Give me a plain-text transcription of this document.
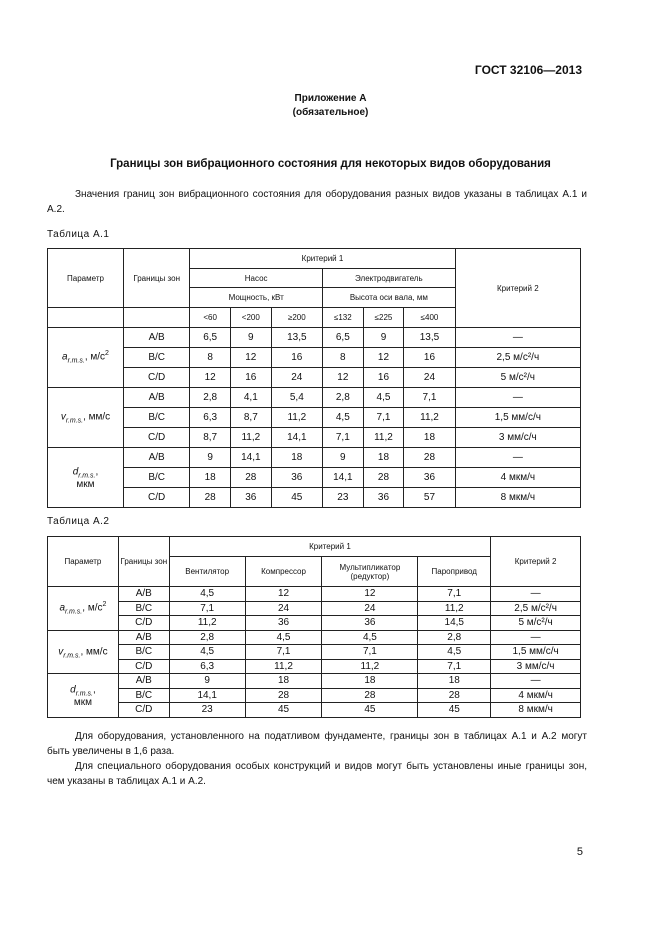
ГОСТ 32106—2013
Приложение А
(обязательное)
Границы зон вибрационного состояния для некоторых видов оборудования
Значения границ зон вибрационного состояния для оборудования разных видов указаны в таблицах А.1 и А.2.
Таблица А.1
Параметр	Границы зон	Критерий 1						Критерий 2
		Насос			Электродвигатель			
		Мощность, кВт			Высота оси вала, мм			
		<60	<200	≥200	≤132	≤225	≤400	
$a_{r.m.s.}$, $м/с^2$	A/B	6,5	9	13,5	6,5	9	13,5	—
	B/C	8	12	16	8	12	16	2,5 м/с²/ч
	C/D	12	16	24	12	16	24	5 м/с²/ч
$v_{r.m.s.}$, мм/с	A/B	2,8	4,1	5,4	2,8	4,5	7,1	—
	B/C	6,3	8,7	11,2	4,5	7,1	11,2	1,5 мм/с/ч
	C/D	8,7	11,2	14,1	7,1	11,2	18	3 мм/с/ч
$d_{r.m.s.}$,
мкм	A/B	9	14,1	18	9	18	28	—
	B/C	18	28	36	14,1	28	36	4 мкм/ч
	C/D	28	36	45	23	36	57	8 мкм/ч
Таблица А.2
Параметр	Границы зон	Критерий 1				Критерий 2
		Вентилятор	Компрессор	Мультипликатор (редуктор)	Паропривод	
$a_{r.m.s.}$, $м/с^2$	A/B	4,5	12	12	7,1	—
	B/C	7,1	24	24	11,2	2,5 м/с²/ч
	C/D	11,2	36	36	14,5	5 м/с²/ч
$v_{r.m.s.}$, мм/с	A/B	2,8	4,5	4,5	2,8	—
	B/C	4,5	7,1	7,1	4,5	1,5 мм/с/ч
	C/D	6,3	11,2	11,2	7,1	3 мм/с/ч
$d_{r.m.s.}$,
мкм	A/B	9	18	18	18	—
	B/C	14,1	28	28	28	4 мкм/ч
	C/D	23	45	45	45	8 мкм/ч
Для оборудования, установленного на податливом фундаменте, границы зон в таблицах А.1 и А.2 могут быть увеличены в 1,6 раза.
Для специального оборудования особых конструкций и видов могут быть установлены иные границы зон, чем указаны в таблицах А.1 и А.2.
5
